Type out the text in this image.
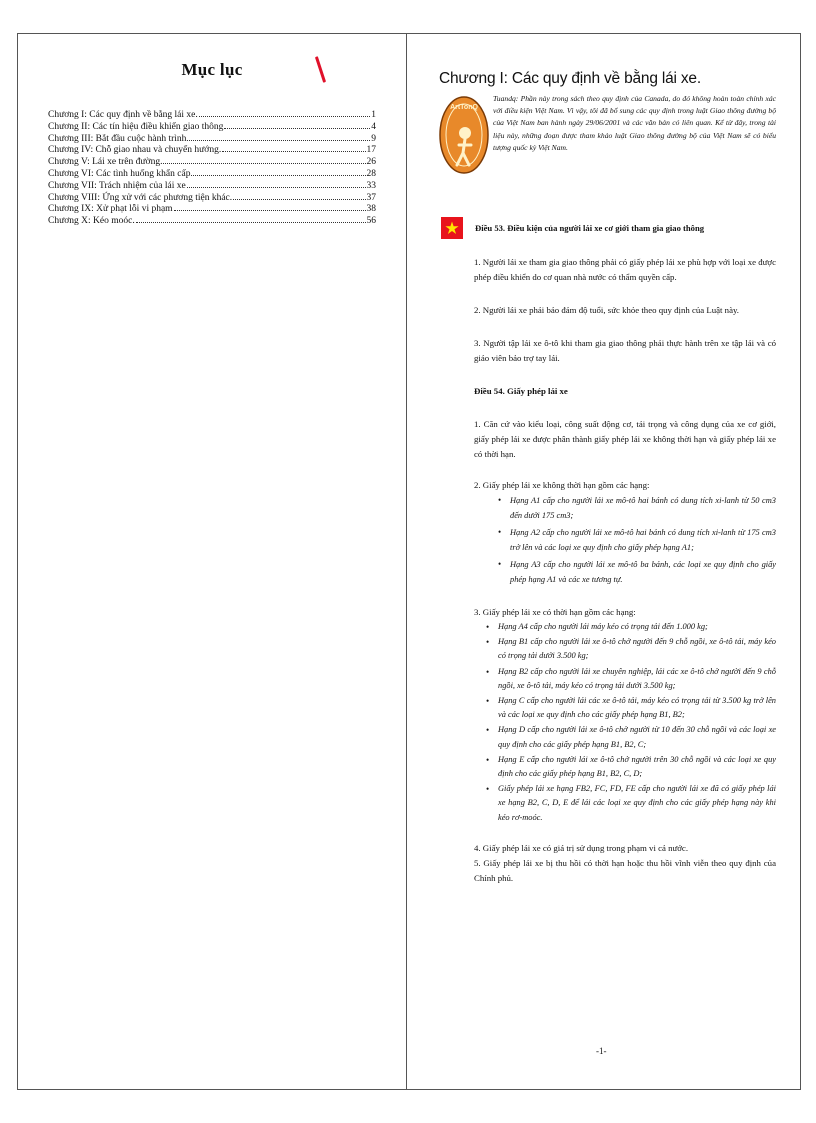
Mục lục
Chương I: Các quy định về bằng lái xe.	1
Chương II: Các tín hiệu điều khiển giao thông	4
Chương III: Bắt đầu cuộc hành trình	9
Chương IV: Chỗ giao nhau và chuyển hướng.	17
Chương V: Lái xe trên đường.	26
Chương VI: Các tình huống khẩn cấp	28
Chương VII: Trách nhiệm của lái xe	33
Chương VIII: Ứng xử với các phương tiện khác.	37
Chương IX: Xử phạt lỗi vi phạm	38
Chương X: Kéo moóc.	56
Chương I: Các quy định về bằng lái xe.
ArtTonQ

Tuandq: Phần này trong sách theo quy định của Canada, do đó không hoàn toàn chính xác với điều kiện Việt Nam. Vì vậy, tôi đã bổ sung các quy định trong luật Giao thông đường bộ của Việt Nam ban hành ngày 29/06/2001 và các văn bản có liên quan. Kể từ đây, trong tài liệu này, những đoạn được tham khảo luật Giao thông đường bộ của Việt Nam sẽ có biểu tượng quốc kỳ Việt Nam.

Điều 53. Điều kiện của người lái xe cơ giới tham gia giao thông

1. Người lái xe tham gia giao thông phải có giấy phép lái xe phù hợp với loại xe được phép điều khiển do cơ quan nhà nước có thẩm quyền cấp.

2. Người lái xe phải bảo đảm độ tuổi, sức khỏe theo quy định của Luật này.

3. Người tập lái xe ô-tô khi tham gia giao thông phải thực hành trên xe tập lái và có giáo viên bảo trợ tay lái.

Điều 54. Giấy phép lái xe

1. Căn cứ vào kiểu loại, công suất động cơ, tải trọng và công dụng của xe cơ giới, giấy phép lái xe được phân thành giấy phép lái xe không thời hạn và giấy phép lái xe có thời hạn.

2. Giấy phép lái xe không thời hạn gồm các hạng:

• Hạng A1 cấp cho người lái xe mô-tô hai bánh có dung tích xi-lanh từ 50 cm3 đến dưới 175 cm3;
• Hạng A2 cấp cho người lái xe mô-tô hai bánh có dung tích xi-lanh từ 175 cm3 trở lên và các loại xe quy định cho giấy phép hạng A1;
• Hạng A3 cấp cho người lái xe mô-tô ba bánh, các loại xe quy định cho giấy phép hạng A1 và các xe tương tự.

3. Giấy phép lái xe có thời hạn gồm các hạng:

• Hạng A4 cấp cho người lái máy kéo có trọng tải đến 1.000 kg;
• Hạng B1 cấp cho người lái xe ô-tô chở người đến 9 chỗ ngồi, xe ô-tô tải, máy kéo có trọng tải dưới 3.500 kg;
• Hạng B2 cấp cho người lái xe chuyên nghiệp, lái các xe ô-tô chở người đến 9 chỗ ngồi, xe ô-tô tải, máy kéo có trọng tải dưới 3.500 kg;
• Hạng C cấp cho người lái các xe ô-tô tải, máy kéo có trọng tải từ 3.500 kg trở lên và các loại xe quy định cho các giấy phép hạng B1, B2;
• Hạng D cấp cho người lái xe ô-tô chở người từ 10 đến 30 chỗ ngồi và các loại xe quy định cho các giấy phép hạng B1, B2, C;
• Hạng E cấp cho người lái xe ô-tô chở người trên 30 chỗ ngồi và các loại xe quy định cho các giấy phép hạng B1, B2, C, D;
• Giấy phép lái xe hạng FB2, FC, FD, FE cấp cho người lái xe đã có giấy phép lái xe hạng B2, C, D, E để lái các loại xe quy định cho các giấy phép hạng này khi kéo rơ-moóc.

4. Giấy phép lái xe có giá trị sử dụng trong phạm vi cả nước.

5. Giấy phép lái xe bị thu hồi có thời hạn hoặc thu hồi vĩnh viễn theo quy định của Chính phủ.

-1-
